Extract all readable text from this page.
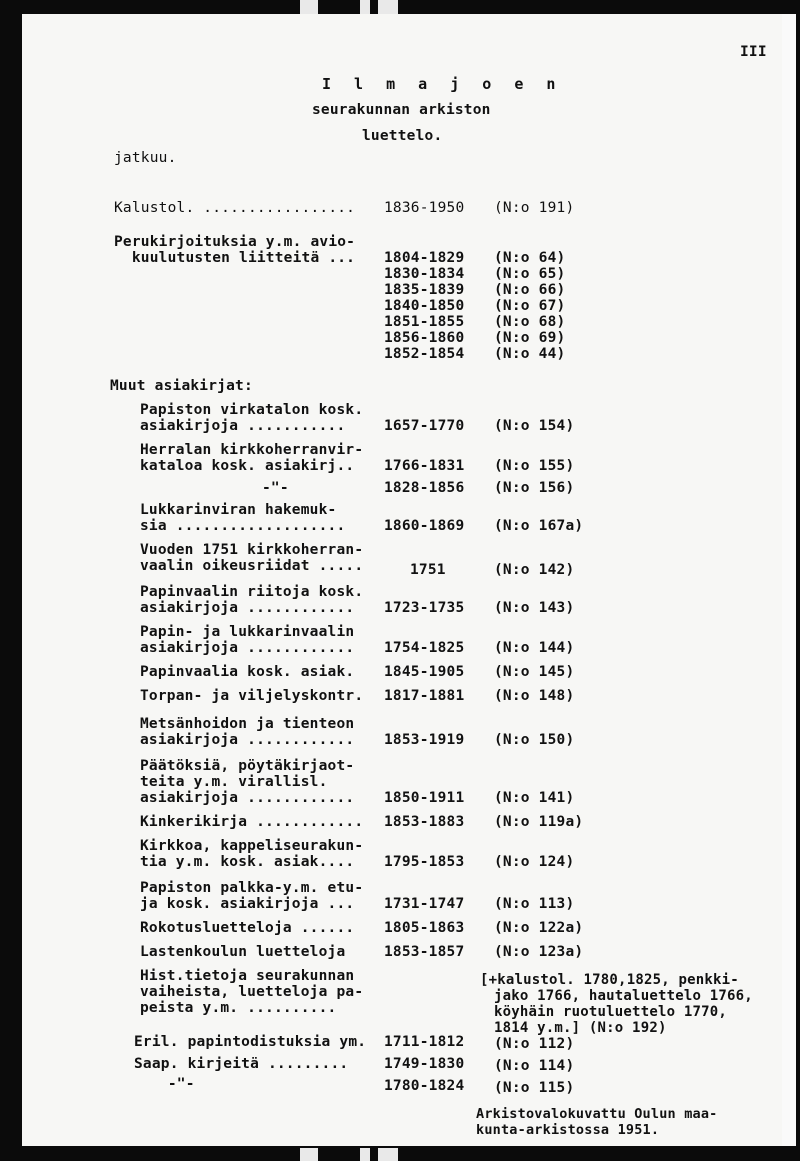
III
I l m a j o e n
seurakunnan arkiston
luettelo.
jatkuu.
Kalustol. ................. 1836-1950 (N:o 191)
Perukirjoituksia y.m. avio-
kuulutusten liitteitä ... 1804-1829 (N:o 64)
1830-1834 (N:o 65)
1835-1839 (N:o 66)
1840-1850 (N:o 67)
1851-1855 (N:o 68)
1856-1860 (N:o 69)
1852-1854 (N:o 44)
Muut asiakirjat:
Papiston virkatalon kosk.
asiakirjoja ...........	1657-1770 (N:o 154)
Herralan kirkkoherranvir-
kataloa kosk. asiakirj.. 1766-1831 (N:o 155)
-"-	1828-1856 (N:o 156)
Lukkarinviran hakemuk-
sia ...................	1860-1869 (N:o 167a)
Vuoden 1751 kirkkoherran-
vaalin oikeusriidat .....	1751	(N:o 142)
Papinvaalin riitoja kosk.
asiakirjoja ............ 1723-1735 (N:o 143)
Papin- ja lukkarinvaalin
asiakirjoja ............ 1754-1825 (N:o 144)
Papinvaalia kosk. asiak. 1845-1905 (N:o 145)
Torpan- ja viljelyskontr. 1817-1881 (N:o 148)
Metsänhoidon ja tienteon
asiakirjoja ............ 1853-1919 (N:o 150)
Päätöksiä, pöytäkirjaot-
teita y.m. virallisl.
asiakirjoja ............ 1850-1911 (N:o 141)
Kinkerikirja ............ 1853-1883 (N:o 119a)
Kirkkoa, kappeliseurakun-
tia y.m. kosk. asiak.... 1795-1853 (N:o 124)
Papiston palkka-y.m. etu-
ja kosk. asiakirjoja ... 1731-1747 (N:o 113)
Rokotusluetteloja ...... 1805-1863 (N:o 122a)
Lastenkoulun luetteloja	1853-1857 (N:o 123a)
Hist.tietoja seurakunnan
vaiheista, luetteloja pa-
peista y.m. ..........
[+kalustol. 1780,1825, penkki-
jako 1766, hautaluettelo 1766,
köyhäin ruotuluettelo 1770,
1814 y.m.] (N:o 192)
Eril. papintodistuksia ym. 1711-1812 (N:o 112)
Saap. kirjeitä ......... 1749-1830 (N:o 114)
-"-	1780-1824 (N:o 115)
Arkistovalokuvattu Oulun maa-
kunta-arkistossa 1951.
